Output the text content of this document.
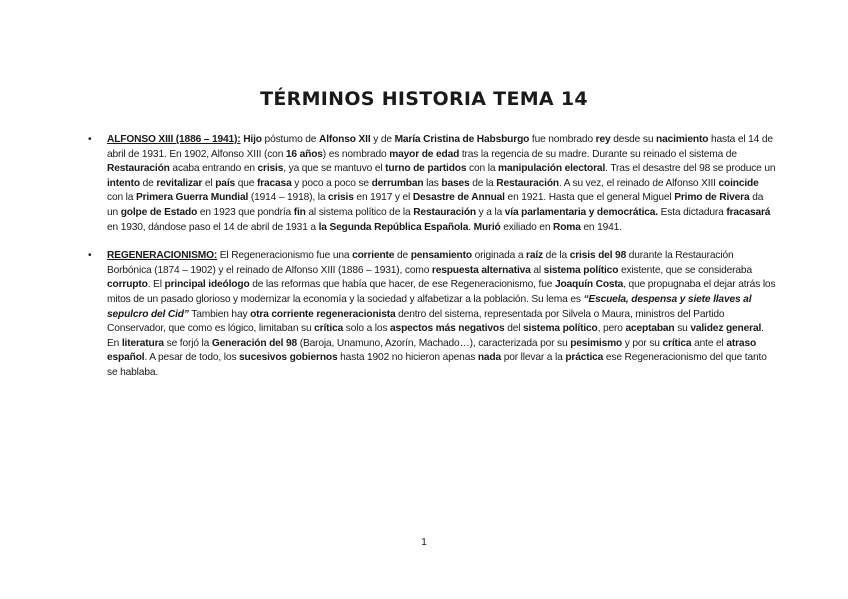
TÉRMINOS HISTORIA TEMA 14
• ALFONSO XIII (1886 – 1941): Hijo póstumo de Alfonso XII y de María Cristina de Habsburgo fue nombrado rey desde su nacimiento hasta el 14 de abril de 1931. En 1902, Alfonso XIII (con 16 años) es nombrado mayor de edad tras la regencia de su madre. Durante su reinado el sistema de Restauración acaba entrando en crisis, ya que se mantuvo el turno de partidos con la manipulación electoral. Tras el desastre del 98 se produce un intento de revitalizar el país que fracasa y poco a poco se derrumban las bases de la Restauración. A su vez, el reinado de Alfonso XIII coincide con la Primera Guerra Mundial (1914 – 1918), la crisis en 1917 y el Desastre de Annual en 1921. Hasta que el general Miguel Primo de Rivera da un golpe de Estado en 1923 que pondría fin al sistema político de la Restauración y a la vía parlamentaria y democrática. Esta dictadura fracasará en 1930, dándose paso el 14 de abril de 1931 a la Segunda República Española. Murió exiliado en Roma en 1941.
• REGENERACIONISMO: El Regeneracionismo fue una corriente de pensamiento originada a raíz de la crisis del 98 durante la Restauración Borbónica (1874 – 1902) y el reinado de Alfonso XIII (1886 – 1931), como respuesta alternativa al sistema político existente, que se consideraba corrupto. El principal ideólogo de las reformas que había que hacer, de ese Regeneracionismo, fue Joaquín Costa, que propugnaba el dejar atrás los mitos de un pasado glorioso y modernizar la economía y la sociedad y alfabetizar a la población. Su lema es “Escuela, despensa y siete llaves al sepulcro del Cid” Tambien hay otra corriente regeneracionista dentro del sistema, representada por Silvela o Maura, ministros del Partido Conservador, que como es lógico, limitaban su crítica solo a los aspectos más negativos del sistema político, pero aceptaban su validez general. En literatura se forjó la Generación del 98 (Baroja, Unamuno, Azorín, Machado…), caracterizada por su pesimismo y por su crítica ante el atraso español. A pesar de todo, los sucesivos gobiernos hasta 1902 no hicieron apenas nada por llevar a la práctica ese Regeneracionismo del que tanto se hablaba.

1
